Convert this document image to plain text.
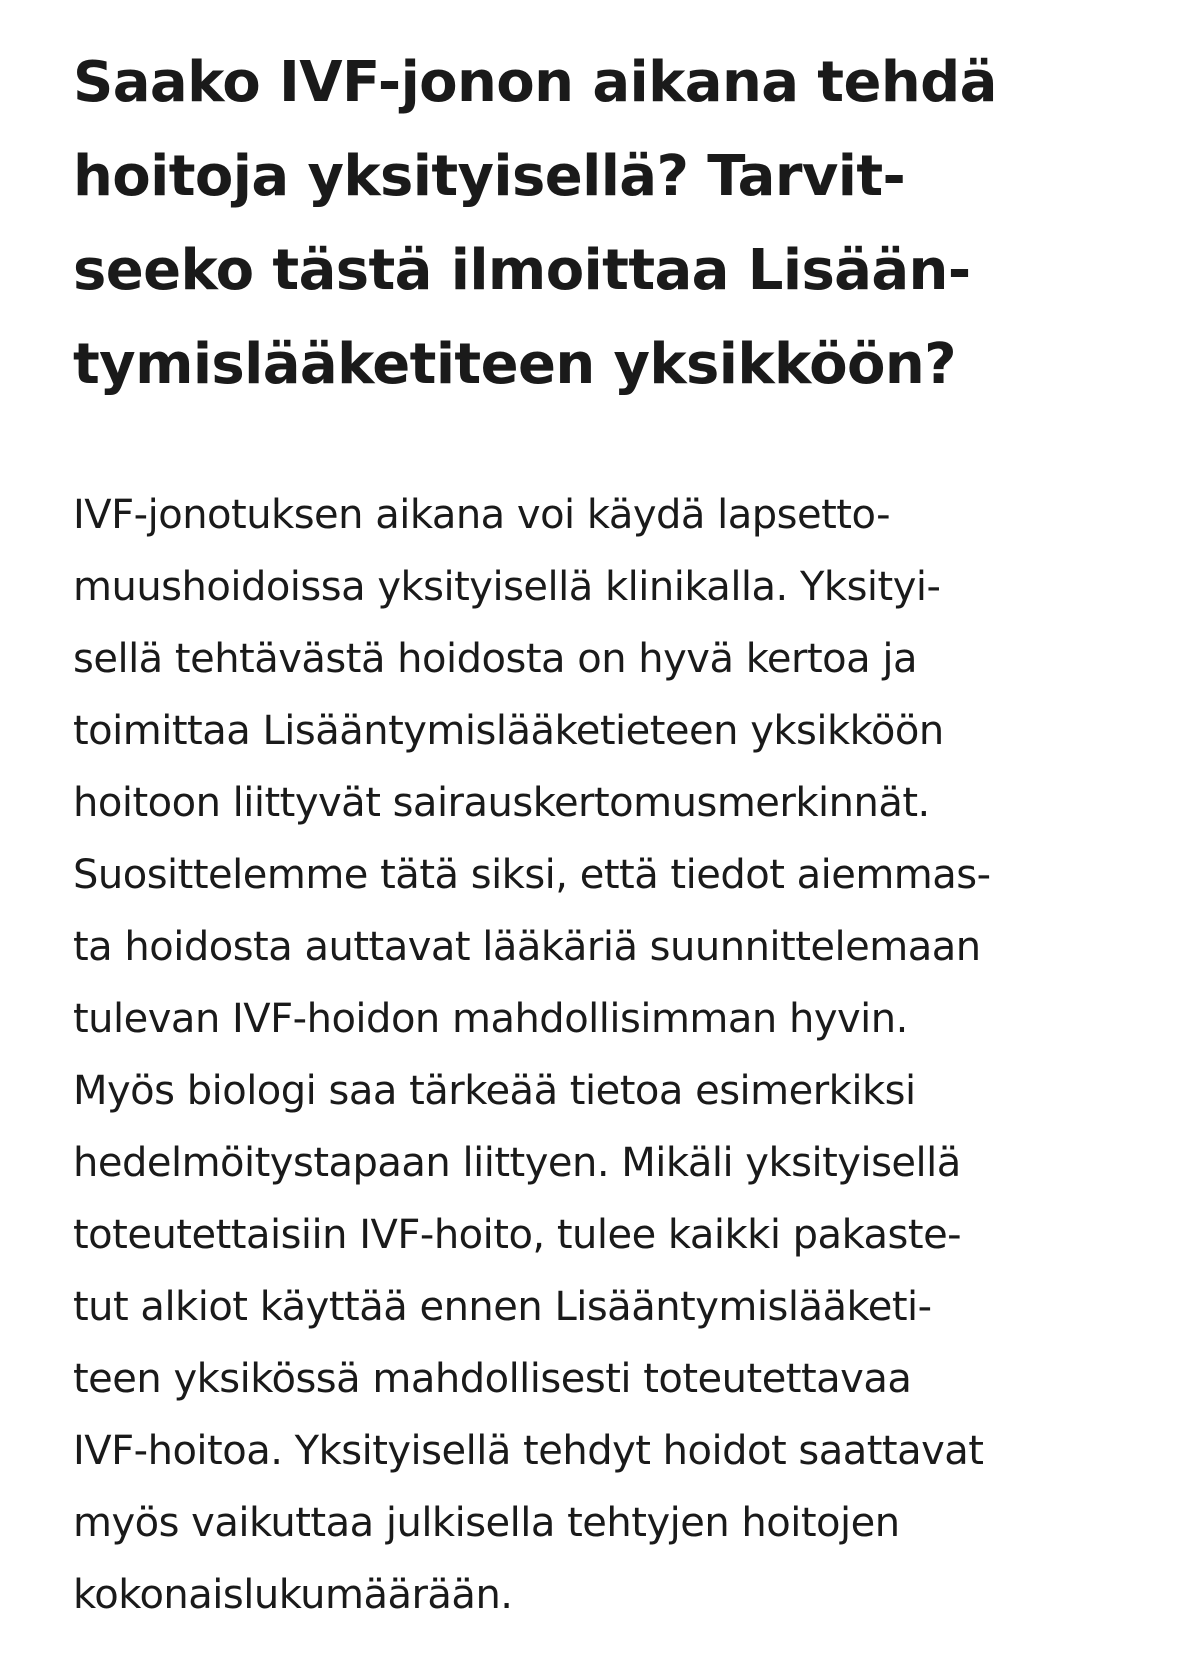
Saako IVF-jonon aikana tehdä
hoitoja yksityisellä? Tarvit-
seeko tästä ilmoittaa Lisään-
tymislääketiteen yksikköön?

IVF-jonotuksen aikana voi käydä lapsetto-
muushoidoissa yksityisellä klinikalla. Yksityi-
sellä tehtävästä hoidosta on hyvä kertoa ja
toimittaa Lisääntymislääketieteen yksikköön
hoitoon liittyvät sairauskertomusmerkinnät.
Suosittelemme tätä siksi, että tiedot aiemmas-
ta hoidosta auttavat lääkäriä suunnittelemaan
tulevan IVF-hoidon mahdollisimman hyvin.
Myös biologi saa tärkeää tietoa esimerkiksi
hedelmöitystapaan liittyen. Mikäli yksityisellä
toteutettaisiin IVF-hoito, tulee kaikki pakaste-
tut alkiot käyttää ennen Lisääntymislääketi-
teen yksikössä mahdollisesti toteutettavaa
IVF-hoitoa. Yksityisellä tehdyt hoidot saattavat
myös vaikuttaa julkisella tehtyjen hoitojen
kokonaislukumäärään.
